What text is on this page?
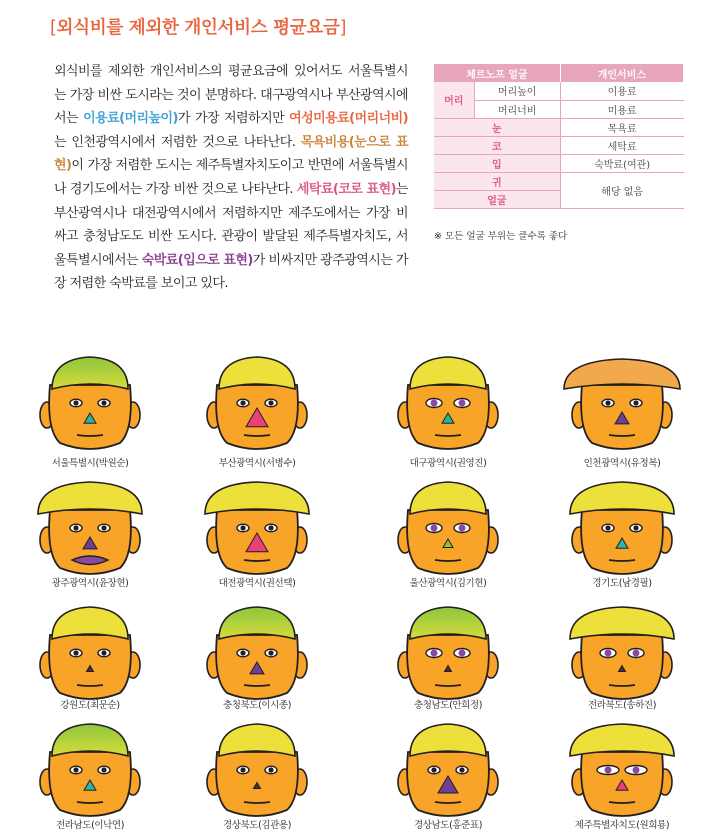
[외식비를 제외한 개인서비스 평균요금]
외식비를 제외한 개인서비스의 평균요금에 있어서도 서울특별시는 가장 비싼 도시라는 것이 분명하다. 대구광역시나 부산광역시에서는 이용료(머리높이)가 가장 저렴하지만 여성미용료(머리너비)는 인천광역시에서 저렴한 것으로 나타난다. 목욕비용(눈으로 표현)이 가장 저렴한 도시는 제주특별자치도이고 반면에 서울특별시나 경기도에서는 가장 비싼 것으로 나타난다. 세탁료(코로 표현)는 부산광역시나 대전광역시에서 저렴하지만 제주도에서는 가장 비싸고 충청남도도 비싼 도시다. 관광이 발달된 제주특별자치도, 서울특별시에서는 숙박료(입으로 표현)가 비싸지만 광주광역시는 가장 저렴한 숙박료를 보이고 있다.
체르노프 얼굴		개인서비스
머리	머리높이	이용료
	머리너비	미용료
눈		목욕료
코		세탁료
입		숙박료(여관)
귀		해당 없음
얼굴		
※ 모든 얼굴 부위는 클수록 좋다
서울특별시(박원순)	부산광역시(서병수)	대구광역시(권영진)	인천광역시(유정복)
광주광역시(윤장현)	대전광역시(권선택)	울산광역시(김기현)	경기도(남경필)
강원도(최문순)	충청북도(이시종)	충청남도(안희정)	전라북도(송하진)
전라남도(이낙연)	경상북도(김관용)	경상남도(홍준표)	제주특별자치도(원희룡)
